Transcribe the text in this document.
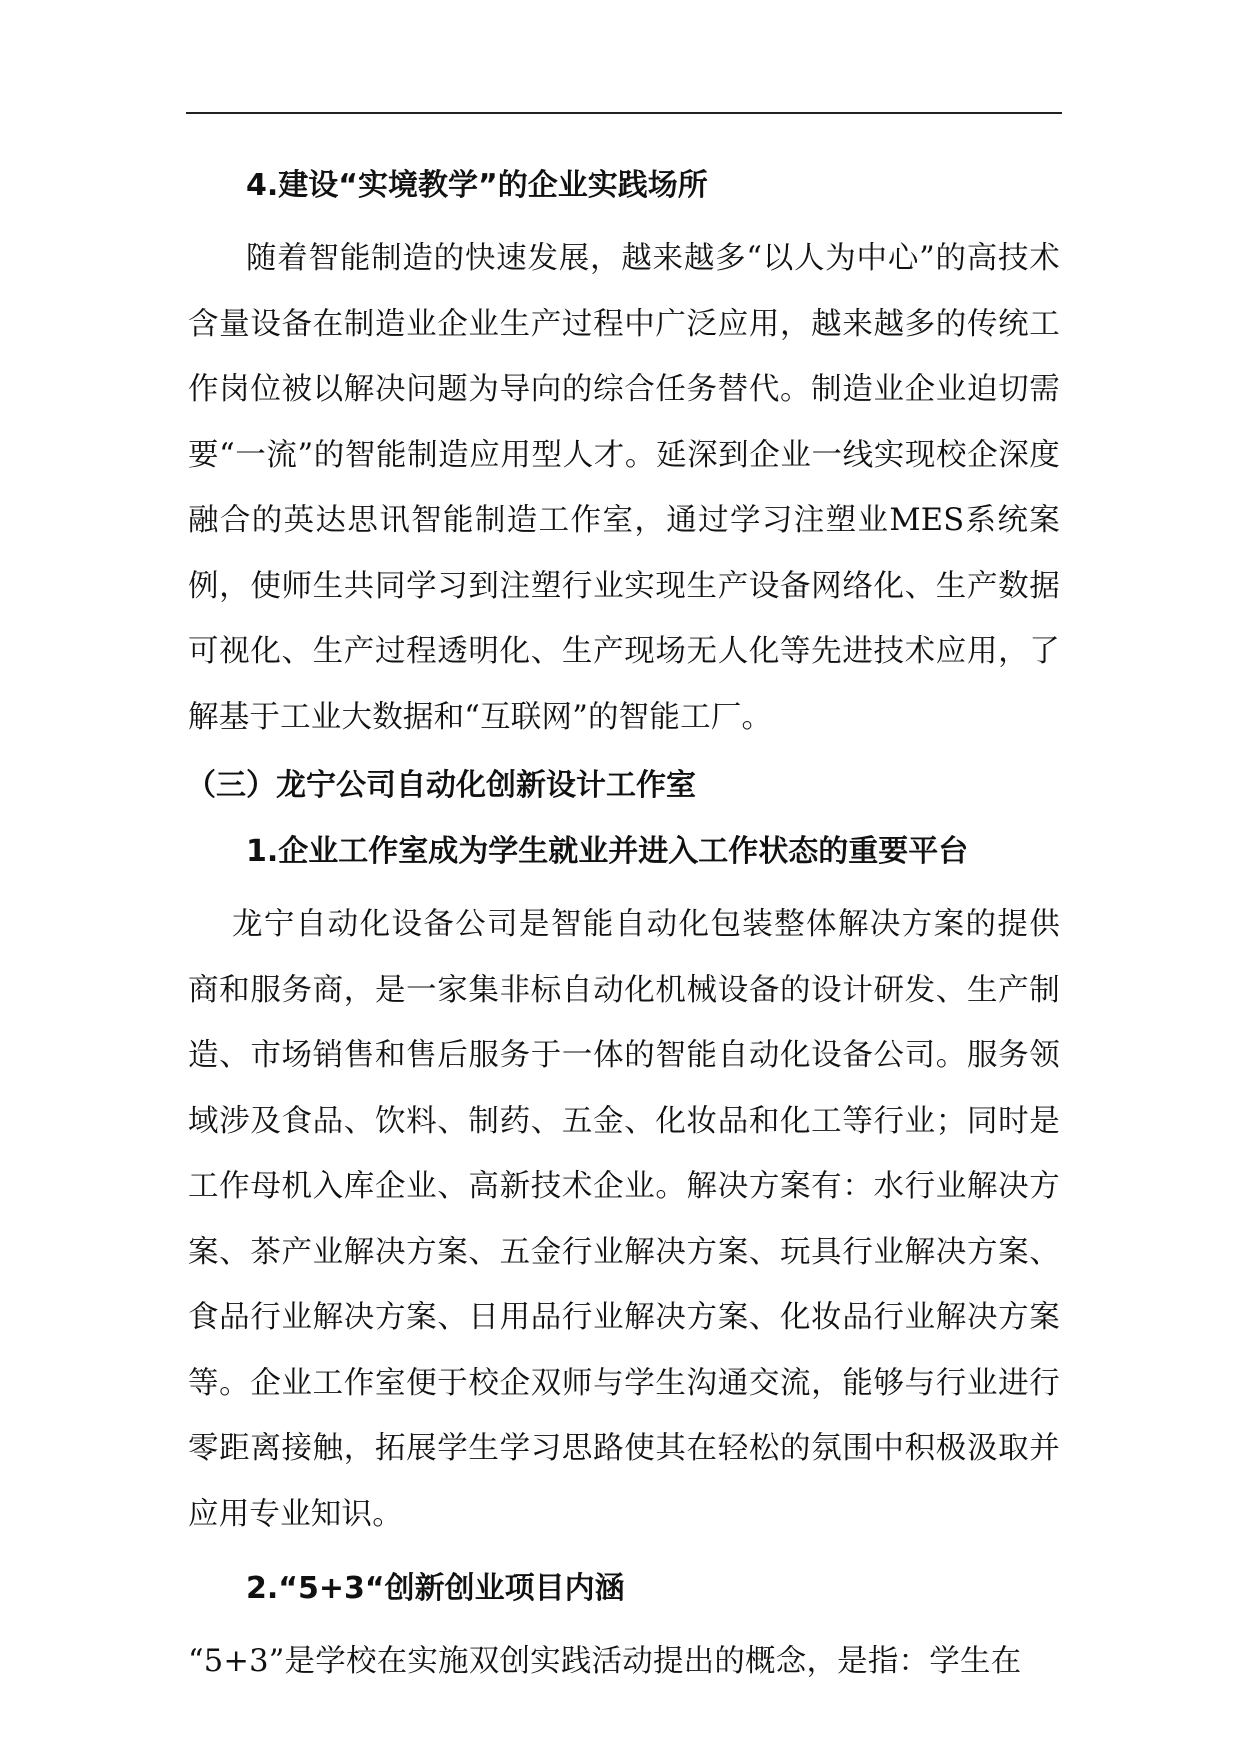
4.建设“实境教学”的企业实践场所

随着智能制造的快速发展，越来越多“以人为中心”的高技术含量设备在制造业企业生产过程中广泛应用，越来越多的传统工作岗位被以解决问题为导向的综合任务替代。制造业企业迫切需要“一流”的智能制造应用型人才。延深到企业一线实现校企深度融合的英达思讯智能制造工作室，通过学习注塑业MES系统案例，使师生共同学习到注塑行业实现生产设备网络化、生产数据可视化、生产过程透明化、生产现场无人化等先进技术应用，了解基于工业大数据和“互联网”的智能工厂。

（三）龙宁公司自动化创新设计工作室

1.企业工作室成为学生就业并进入工作状态的重要平台

龙宁自动化设备公司是智能自动化包装整体解决方案的提供商和服务商，是一家集非标自动化机械设备的设计研发、生产制造、市场销售和售后服务于一体的智能自动化设备公司。服务领域涉及食品、饮料、制药、五金、化妆品和化工等行业；同时是工作母机入库企业、高新技术企业。解决方案有：水行业解决方案、茶产业解决方案、五金行业解决方案、玩具行业解决方案、食品行业解决方案、日用品行业解决方案、化妆品行业解决方案等。企业工作室便于校企双师与学生沟通交流，能够与行业进行零距离接触，拓展学生学习思路使其在轻松的氛围中积极汲取并应用专业知识。

2.“5+3“创新创业项目内涵

“5+3”是学校在实施双创实践活动提出的概念，是指：学生在
